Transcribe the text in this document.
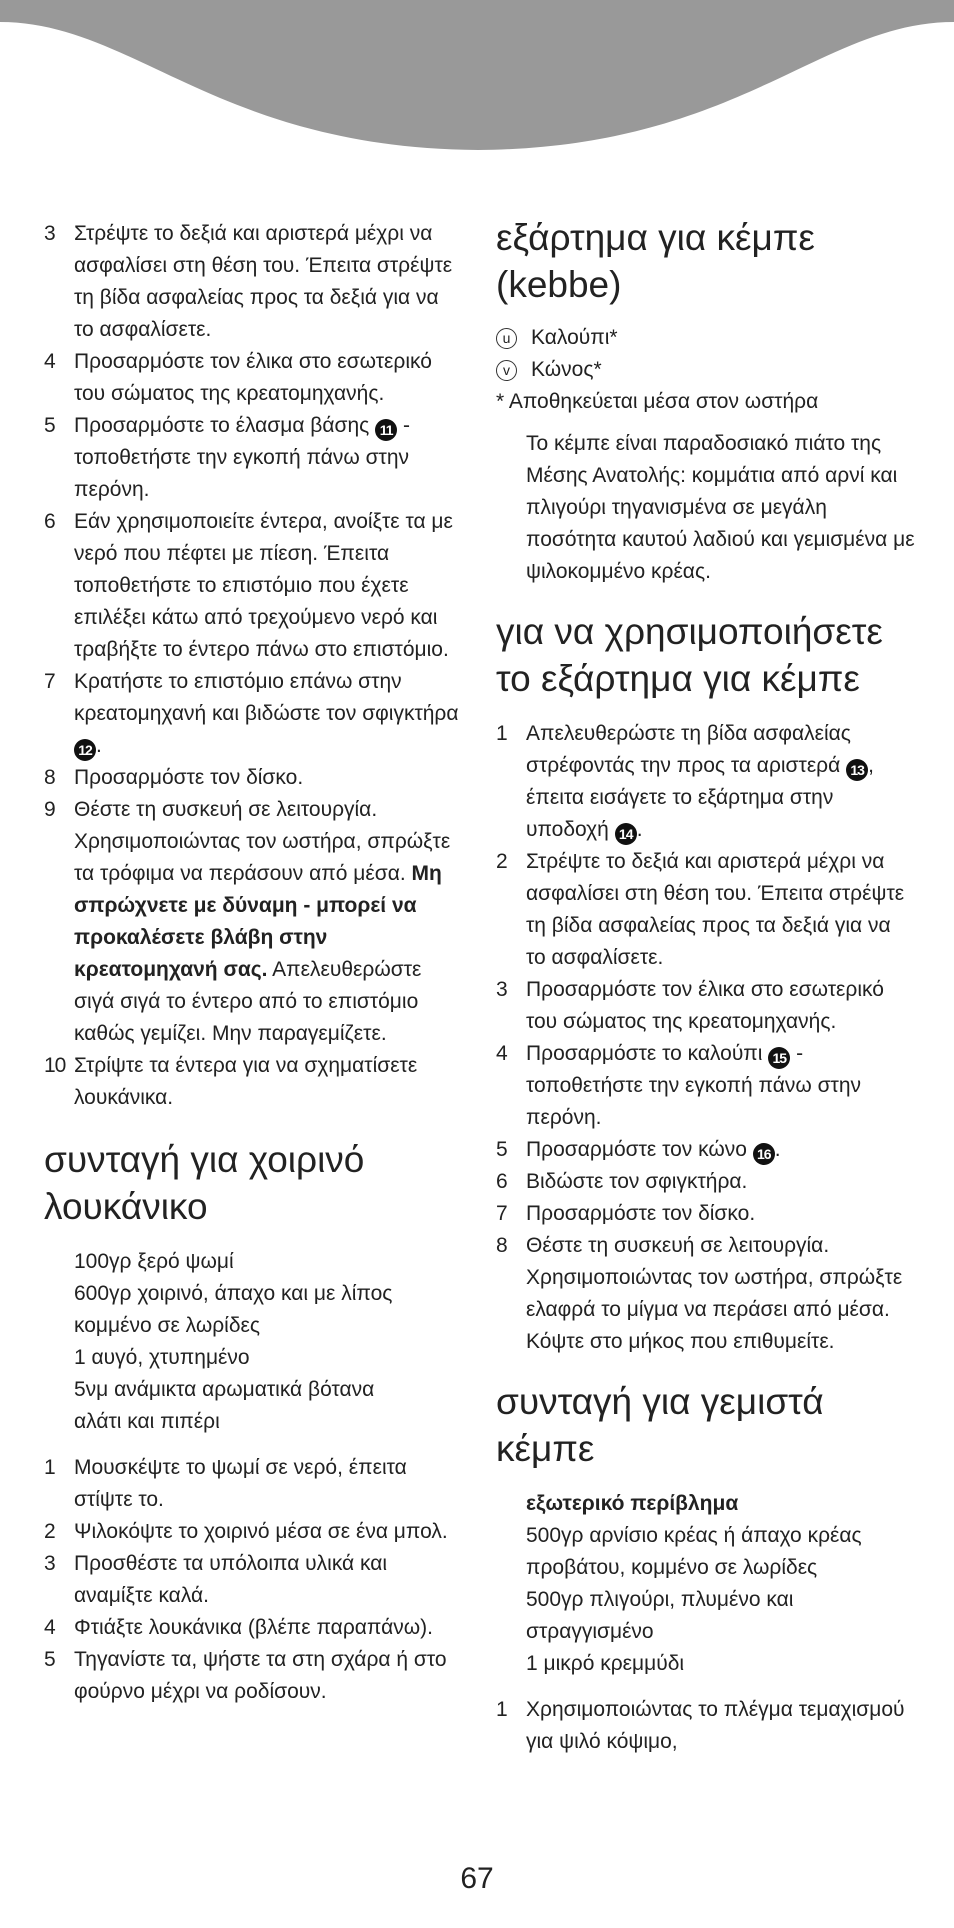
3 Στρέψτε το δεξιά και αριστερά μέχρι να ασφαλίσει στη θέση του. Έπειτα στρέψτε τη βίδα ασφαλείας προς τα δεξιά για να το ασφαλίσετε.
4 Προσαρμόστε τον έλικα στο εσωτερικό του σώματος της κρεατομηχανής.
5 Προσαρμόστε το έλασμα βάσης 11 - τοποθετήστε την εγκοπή πάνω στην περόνη.
6 Εάν χρησιμοποιείτε έντερα, ανοίξτε τα με νερό που πέφτει με πίεση. Έπειτα τοποθετήστε το επιστόμιο που έχετε επιλέξει κάτω από τρεχούμενο νερό και τραβήξτε το έντερο πάνω στο επιστόμιο.
7 Κρατήστε το επιστόμιο επάνω στην κρεατομηχανή και βιδώστε τον σφιγκτήρα 12 .
8 Προσαρμόστε τον δίσκο.
9 Θέστε τη συσκευή σε λειτουργία. Χρησιμοποιώντας τον ωστήρα, σπρώξτε τα τρόφιμα να περάσουν από μέσα. Μη σπρώχνετε με δύναμη - μπορεί να προκαλέσετε βλάβη στην κρεατομηχανή σας. Απελευθερώστε σιγά σιγά το έντερο από το επιστόμιο καθώς γεμίζει. Μην παραγεμίζετε.
10 Στρίψτε τα έντερα για να σχηματίσετε λουκάνικα.
συνταγή για χοιρινό λουκάνικο

100γρ ξερό ψωμί

600γρ χοιρινό, άπαχο και με λίπος κομμένο σε λωρίδες

1 αυγό, χτυπημένο

5νμ ανάμικτα αρωματικά βότανα

αλάτι και πιπέρι

1 Μουσκέψτε το ψωμί σε νερό, έπειτα στίψτε το.
2 Ψιλοκόψτε το χοιρινό μέσα σε ένα μπολ.
3 Προσθέστε τα υπόλοιπα υλικά και αναμίξτε καλά.
4 Φτιάξτε λουκάνικα (βλέπε παραπάνω).
5 Τηγανίστε τα, ψήστε τα στη σχάρα ή στο φούρνο μέχρι να ροδίσουν.
εξάρτημα για κέμπε (kebbe)

u Καλούπι*

v Κώνος*

* Αποθηκεύεται μέσα στον ωστήρα

Το κέμπε είναι παραδοσιακό πιάτο της Μέσης Ανατολής: κομμάτια από αρνί και πλιγούρι τηγανισμένα σε μεγάλη ποσότητα καυτού λαδιού και γεμισμένα με ψιλοκομμένο κρέας.

για να χρησιμοποιήσετε το εξάρτημα για κέμπε
1 Απελευθερώστε τη βίδα ασφαλείας στρέφοντάς την προς τα αριστερά 13 , έπειτα εισάγετε το εξάρτημα στην υποδοχή 14 .
2 Στρέψτε το δεξιά και αριστερά μέχρι να ασφαλίσει στη θέση του. Έπειτα στρέψτε τη βίδα ασφαλείας προς τα δεξιά για να το ασφαλίσετε.
3 Προσαρμόστε τον έλικα στο εσωτερικό του σώματος της κρεατομηχανής.
4 Προσαρμόστε το καλούπι 15 - τοποθετήστε την εγκοπή πάνω στην περόνη.
5 Προσαρμόστε τον κώνο 16 .
6 Βιδώστε τον σφιγκτήρα.
7 Προσαρμόστε τον δίσκο.
8 Θέστε τη συσκευή σε λειτουργία. Χρησιμοποιώντας τον ωστήρα, σπρώξτε ελαφρά το μίγμα να περάσει από μέσα. Κόψτε στο μήκος που επιθυμείτε.
συνταγή για γεμιστά κέμπε

εξωτερικό περίβλημα

500γρ αρνίσιο κρέας ή άπαχο κρέας προβάτου, κομμένο σε λωρίδες

500γρ πλιγούρι, πλυμένο και στραγγισμένο

1 μικρό κρεμμύδι

1 Χρησιμοποιώντας το πλέγμα τεμαχισμού για ψιλό κόψιμο,
67
